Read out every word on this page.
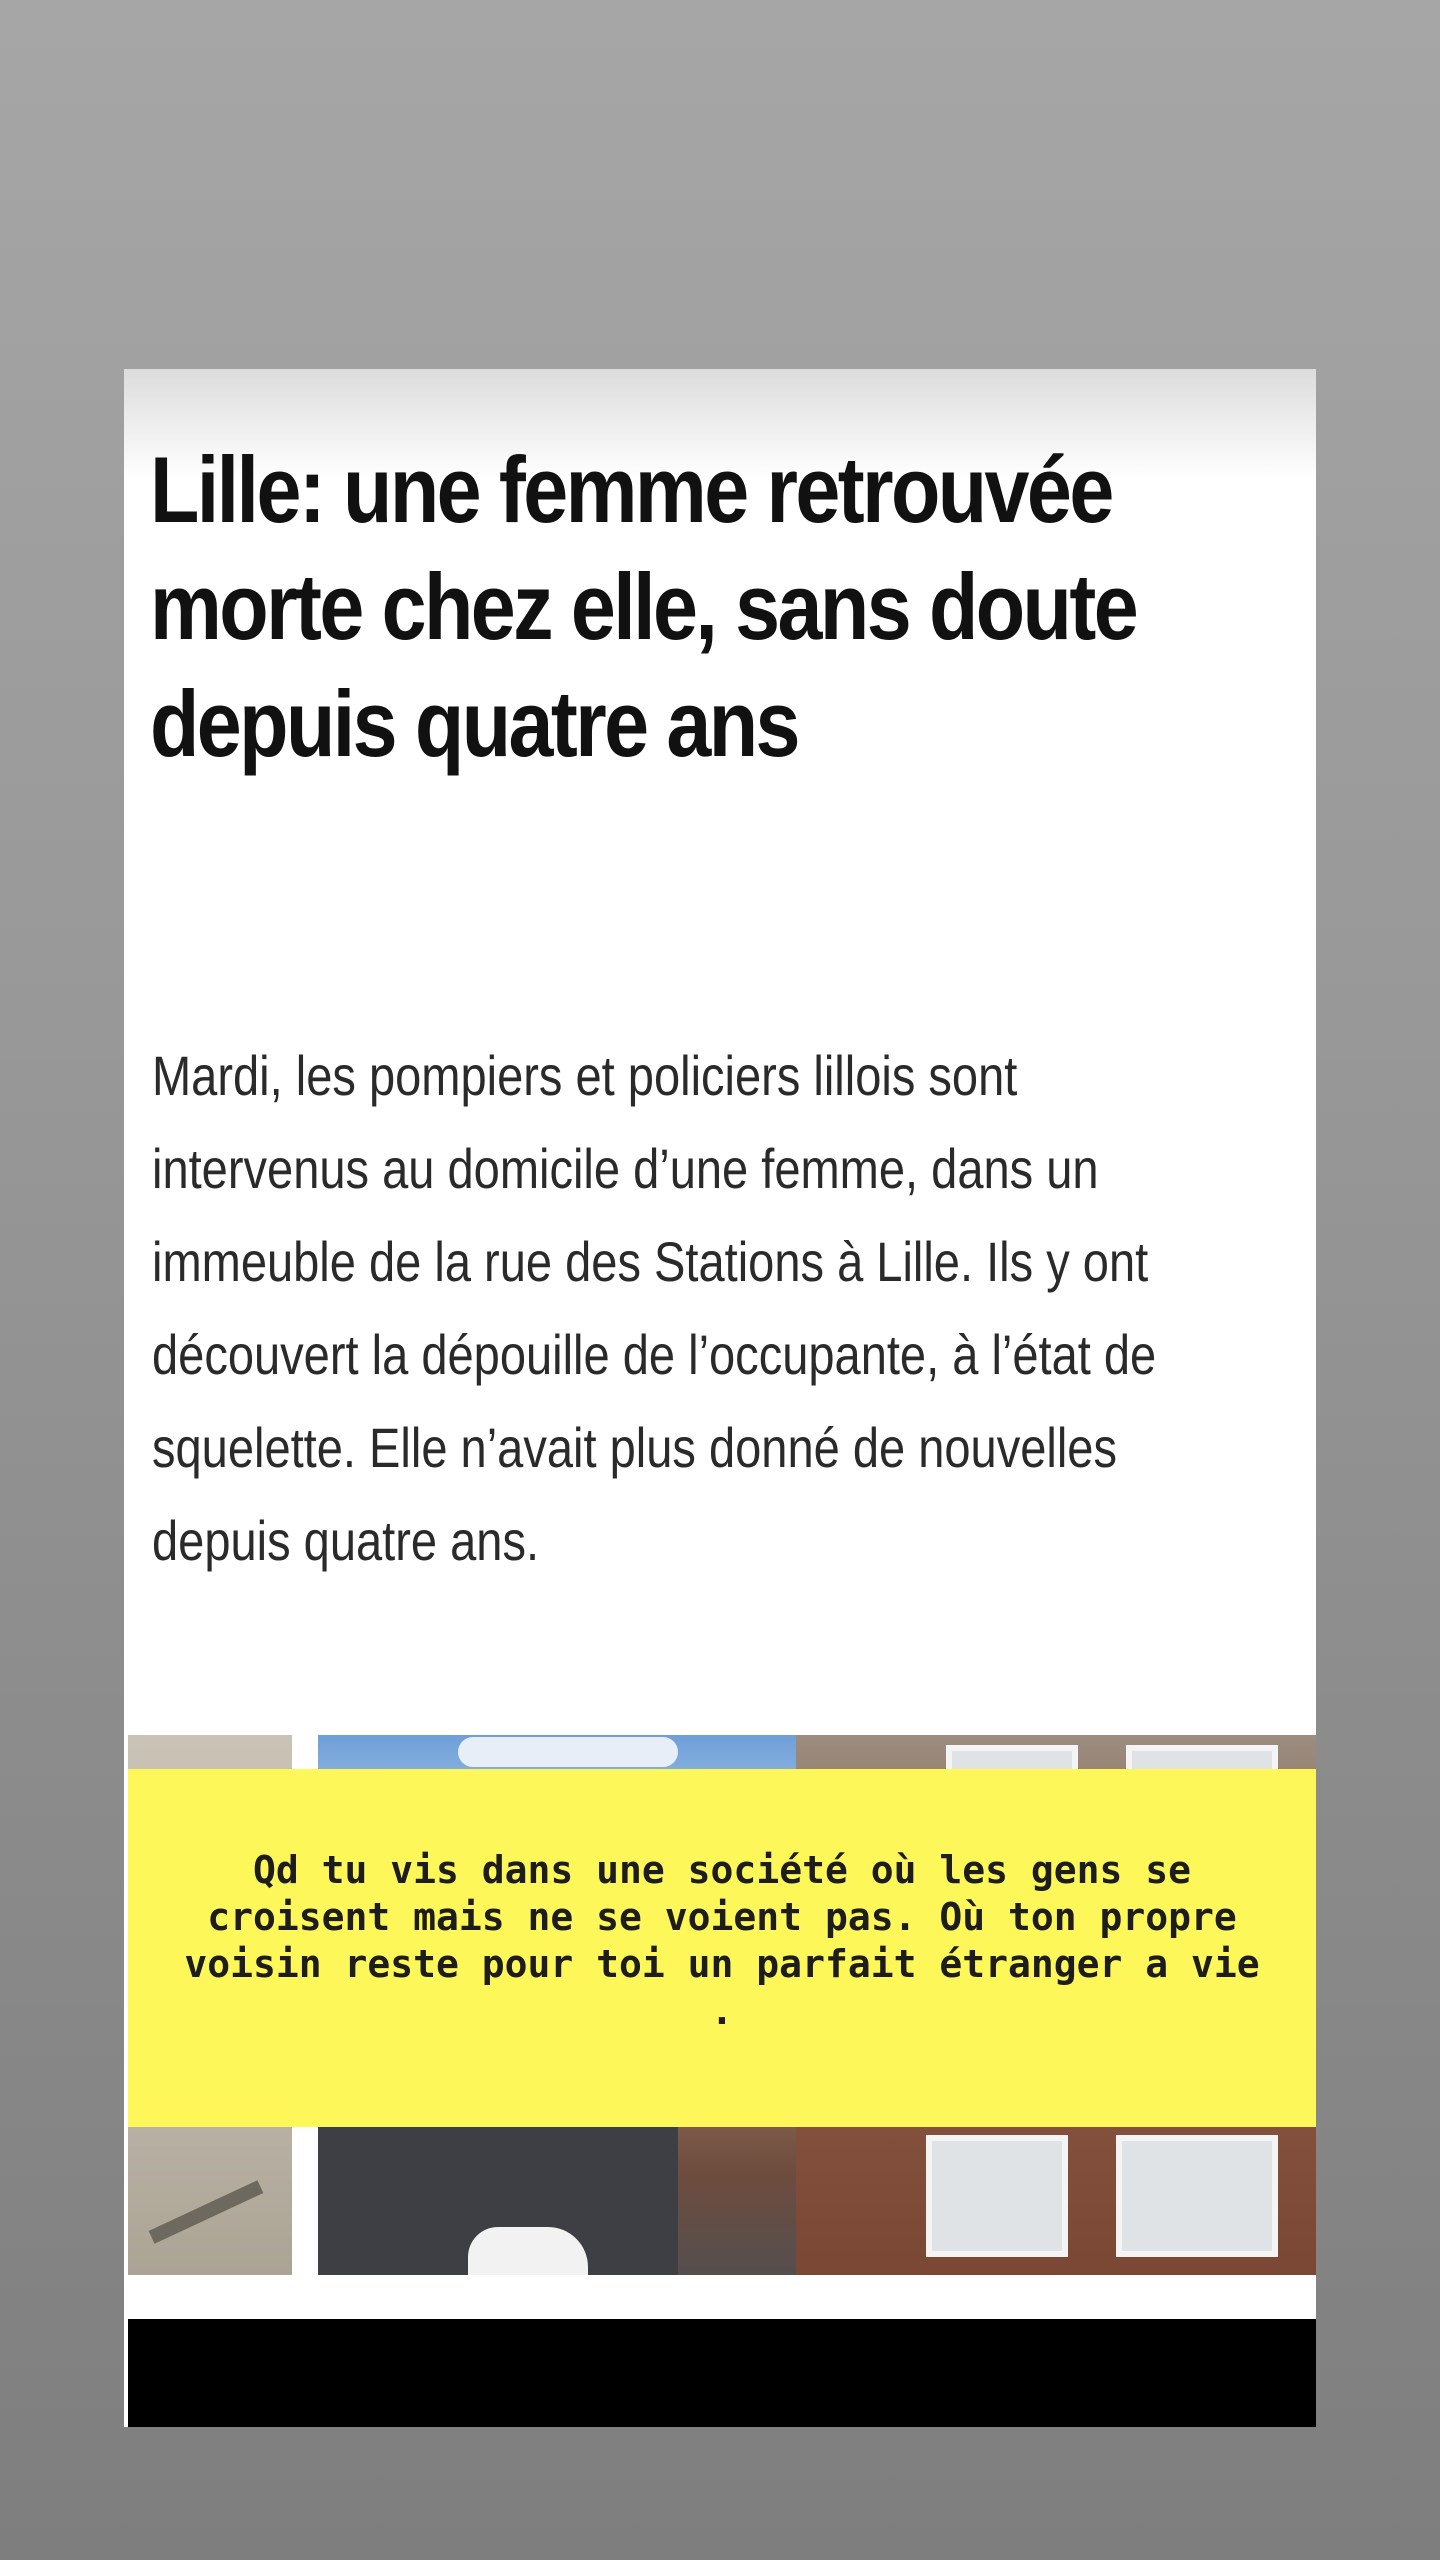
Lille: une femme retrouvée morte chez elle, sans doute depuis quatre ans

Mardi, les pompiers et policiers lillois sont intervenus au domicile d’une femme, dans un immeuble de la rue des Stations à Lille. Ils y ont découvert la dépouille de l’occupante, à l’état de squelette. Elle n’avait plus donné de nouvelles depuis quatre ans.

Qd tu vis dans une société où les gens se croisent mais ne se voient pas. Où ton propre voisin reste pour toi un parfait étranger a vie .
